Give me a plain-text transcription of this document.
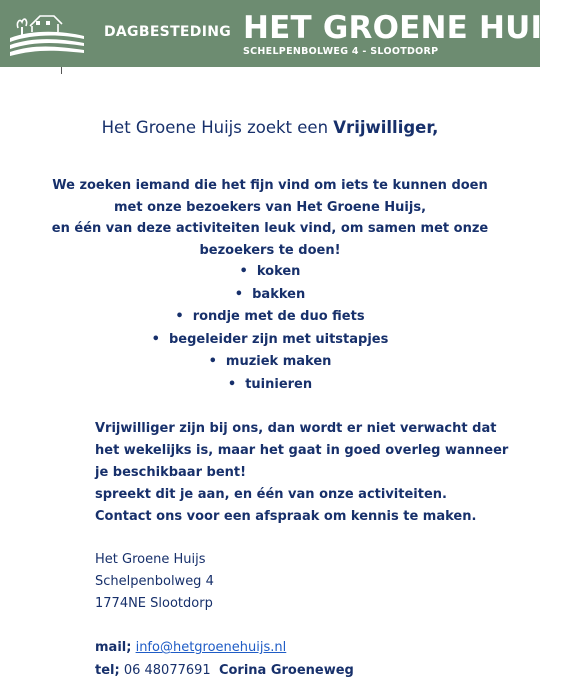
DAGBESTEDING HET GROENE HUIJS
SCHELPENBOLWEG 4 - SLOOTDORP
Het Groene Huijs zoekt een Vrijwilliger,
We zoeken iemand die het fijn vind om iets te kunnen doen
met onze bezoekers van Het Groene Huijs,
en één van deze activiteiten leuk vind, om samen met onze
bezoekers te doen!
• koken
• bakken
• rondje met de duo fiets
• begeleider zijn met uitstapjes
• muziek maken
• tuinieren
Vrijwilliger zijn bij ons, dan wordt er niet verwacht dat
het wekelijks is, maar het gaat in goed overleg wanneer
je beschikbaar bent!
spreekt dit je aan, en één van onze activiteiten.
Contact ons voor een afspraak om kennis te maken.
Het Groene Huijs
Schelpenbolweg 4
1774NE Slootdorp
mail; info@hetgroenehuijs.nl
tel; 06 48077691 Corina Groeneweg
